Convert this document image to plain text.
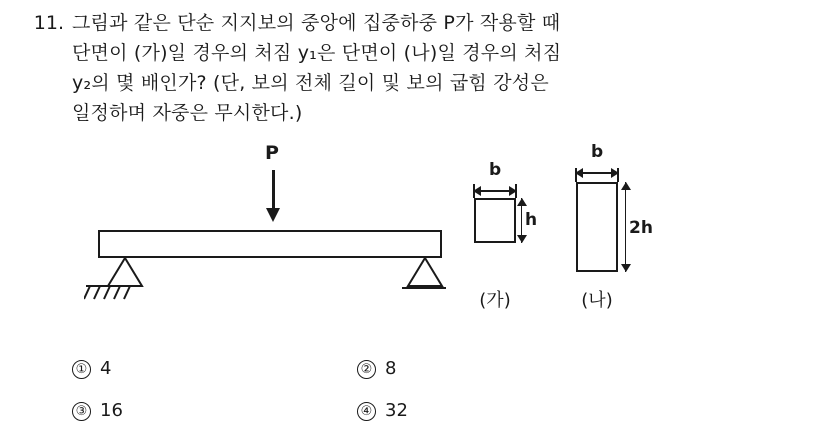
11. 그림과 같은 단순 지지보의 중앙에 집중하중 P가 작용할 때
단면이 (가)일 경우의 처짐 y₁은 단면이 (나)일 경우의 처짐
y₂의 몇 배인가? (단, 보의 전체 길이 및 보의 굽힘 강성은
일정하며 자중은 무시한다.)
P
b
h
(가)
b
2h
(나)
① 4	② 8
③ 16	④ 32
